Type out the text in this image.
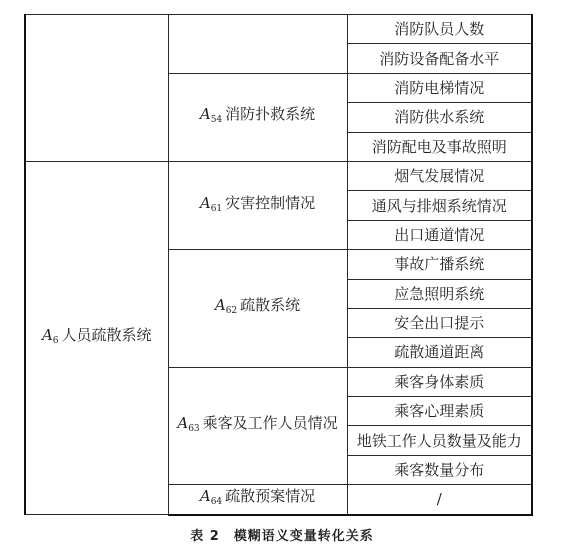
		消防队员人数
		消防设备配备水平
	$A_{54}$ 消防扑救系统	消防电梯情况
		消防供水系统
		消防配电及事故照明
$A_6$ 人员疏散系统	$A_{61}$ 灾害控制情况	烟气发展情况
		通风与排烟系统情况
		出口通道情况
	$A_{62}$ 疏散系统	事故广播系统
		应急照明系统
		安全出口提示
		疏散通道距离
	$A_{63}$ 乘客及工作人员情况	乘客身体素质
		乘客心理素质
		地铁工作人员数量及能力
		乘客数量分布
	$A_{64}$ 疏散预案情况	/
表 2 模糊语义变量转化关系
